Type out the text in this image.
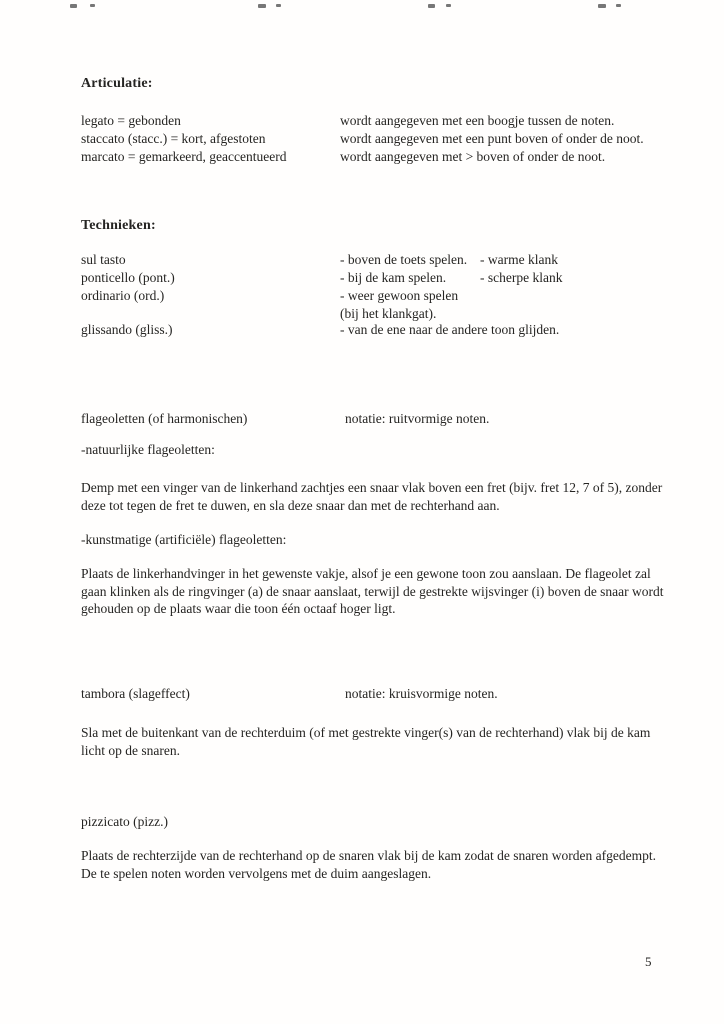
Articulatie:
legato = gebonden	wordt aangegeven met een boogje tussen de noten.
staccato (stacc.) = kort, afgestoten	wordt aangegeven met een punt boven of onder de noot.
marcato = gemarkeerd, geaccentueerd	wordt aangegeven met > boven of onder de noot.
Technieken:
sul tasto	- boven de toets spelen. - warme klank
ponticello (pont.)	- bij de kam spelen.	- scherpe klank
ordinario (ord.)	- weer gewoon spelen (bij het klankgat).
glissando (gliss.)	- van de ene naar de andere toon glijden.
flageoletten (of harmonischen)	notatie: ruitvormige noten.
-natuurlijke flageoletten:
Demp met een vinger van de linkerhand zachtjes een snaar vlak boven een fret (bijv. fret 12, 7 of 5), zonder deze tot tegen de fret te duwen, en sla deze snaar dan met de rechterhand aan.
-kunstmatige (artificiële) flageoletten:
Plaats de linkerhandvinger in het gewenste vakje, alsof je een gewone toon zou aanslaan. De flageolet zal gaan klinken als de ringvinger (a) de snaar aanslaat, terwijl de gestrekte wijsvinger (i) boven de snaar wordt gehouden op de plaats waar die toon één octaaf hoger ligt.
tambora (slageffect)	notatie: kruisvormige noten.
Sla met de buitenkant van de rechterduim (of met gestrekte vinger(s) van de rechterhand) vlak bij de kam licht op de snaren.
pizzicato (pizz.)
Plaats de rechterzijde van de rechterhand op de snaren vlak bij de kam zodat de snaren worden afgedempt. De te spelen noten worden vervolgens met de duim aangeslagen.
5
